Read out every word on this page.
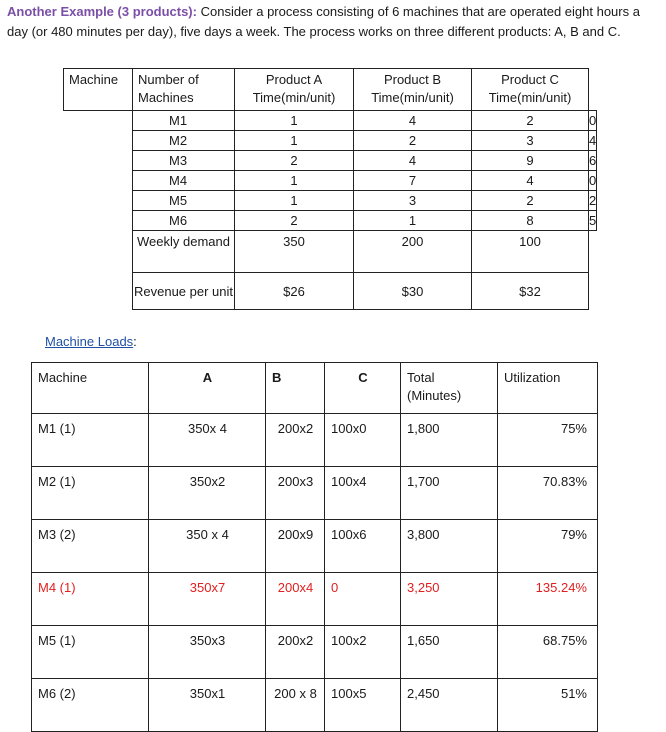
Another Example (3 products): Consider a process consisting of 6 machines that are operated eight hours a day (or 480 minutes per day), five days a week. The process works on three different products: A, B and C.
Machine	Number of Machines	Product A Time(min/unit)	Product B Time(min/unit)	Product C Time(min/unit)	
	M1	1	4	2	0
	M2	1	2	3	4
	M3	2	4	9	6
	M4	1	7	4	0
	M5	1	3	2	2
	M6	2	1	8	5
	Weekly demand	350	200	100	
	Revenue per unit	$26	$30	$32	
Machine Loads:
Machine	A	B	C	Total (Minutes)	Utilization
M1 (1)	350x 4	200x2	100x0	1,800	75%
M2 (1)	350x2	200x3	100x4	1,700	70.83%
M3 (2)	350 x 4	200x9	100x6	3,800	79%
M4 (1)	350x7	200x4	0	3,250	135.24%
M5 (1)	350x3	200x2	100x2	1,650	68.75%
M6 (2)	350x1	200 x 8	100x5	2,450	51%
